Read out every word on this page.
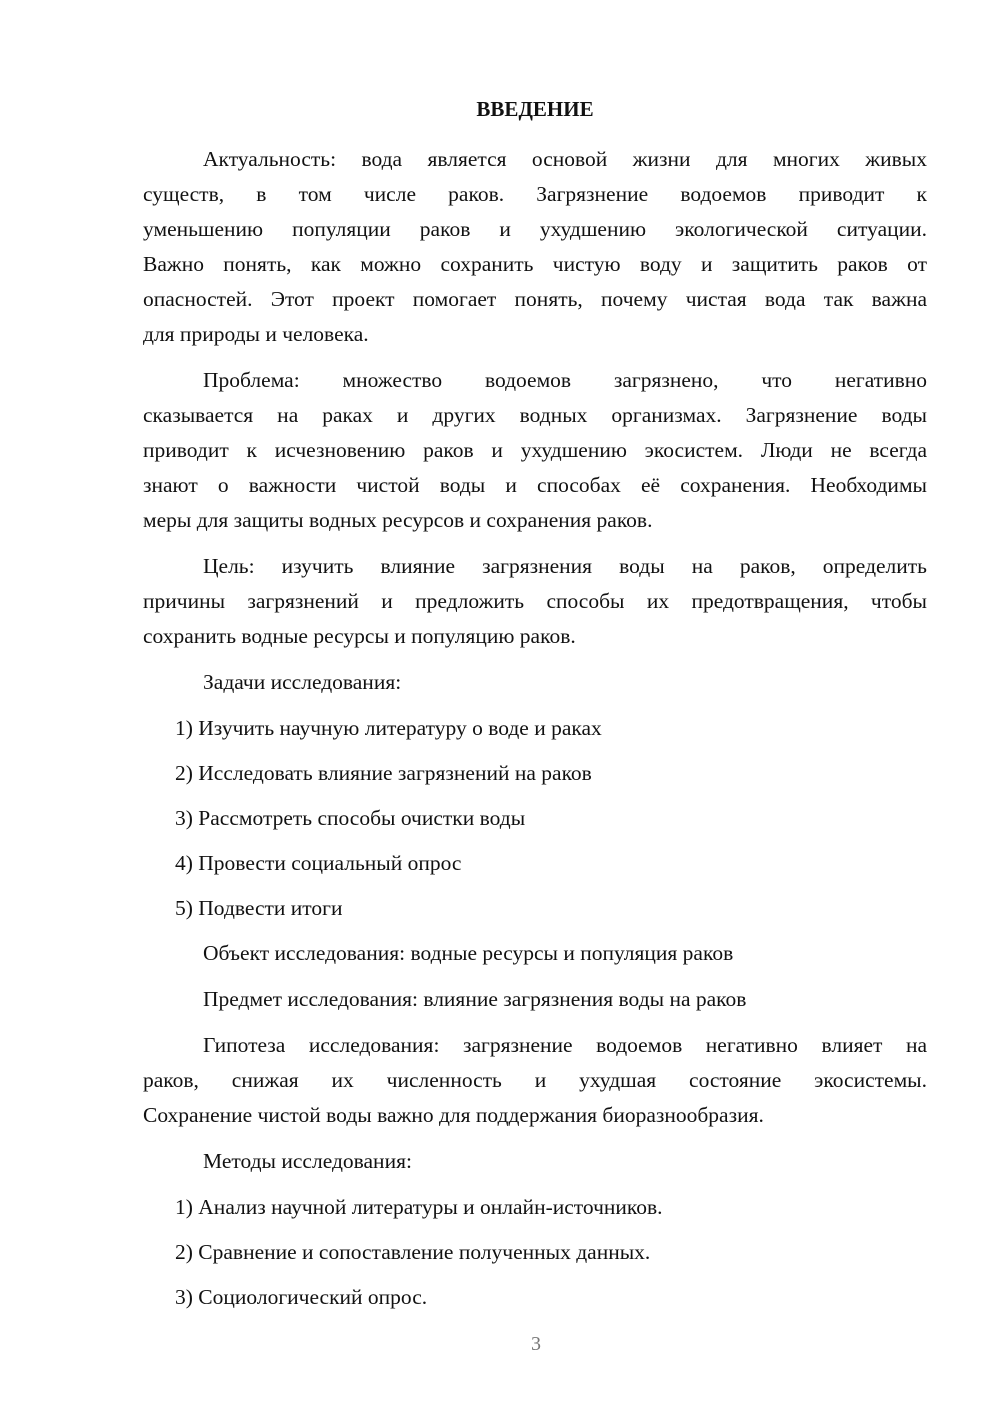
ВВЕДЕНИЕ
Актуальность: вода является основой жизни для многих живых
существ, в том числе раков. Загрязнение водоемов приводит к
уменьшению популяции раков и ухудшению экологической ситуации.
Важно понять, как можно сохранить чистую воду и защитить раков от
опасностей. Этот проект помогает понять, почему чистая вода так важна
для природы и человека.
Проблема: множество водоемов загрязнено, что негативно
сказывается на раках и других водных организмах. Загрязнение воды
приводит к исчезновению раков и ухудшению экосистем. Люди не всегда
знают о важности чистой воды и способах её сохранения. Необходимы
меры для защиты водных ресурсов и сохранения раков.
Цель: изучить влияние загрязнения воды на раков, определить
причины загрязнений и предложить способы их предотвращения, чтобы
сохранить водные ресурсы и популяцию раков.
Задачи исследования:
1) Изучить научную литературу о воде и раках
2) Исследовать влияние загрязнений на раков
3) Рассмотреть способы очистки воды
4) Провести социальный опрос
5) Подвести итоги
Объект исследования: водные ресурсы и популяция раков
Предмет исследования: влияние загрязнения воды на раков
Гипотеза исследования: загрязнение водоемов негативно влияет на
раков, снижая их численность и ухудшая состояние экосистемы.
Сохранение чистой воды важно для поддержания биоразнообразия.
Методы исследования:
1) Анализ научной литературы и онлайн-источников.
2) Сравнение и сопоставление полученных данных.
3) Социологический опрос.
3
